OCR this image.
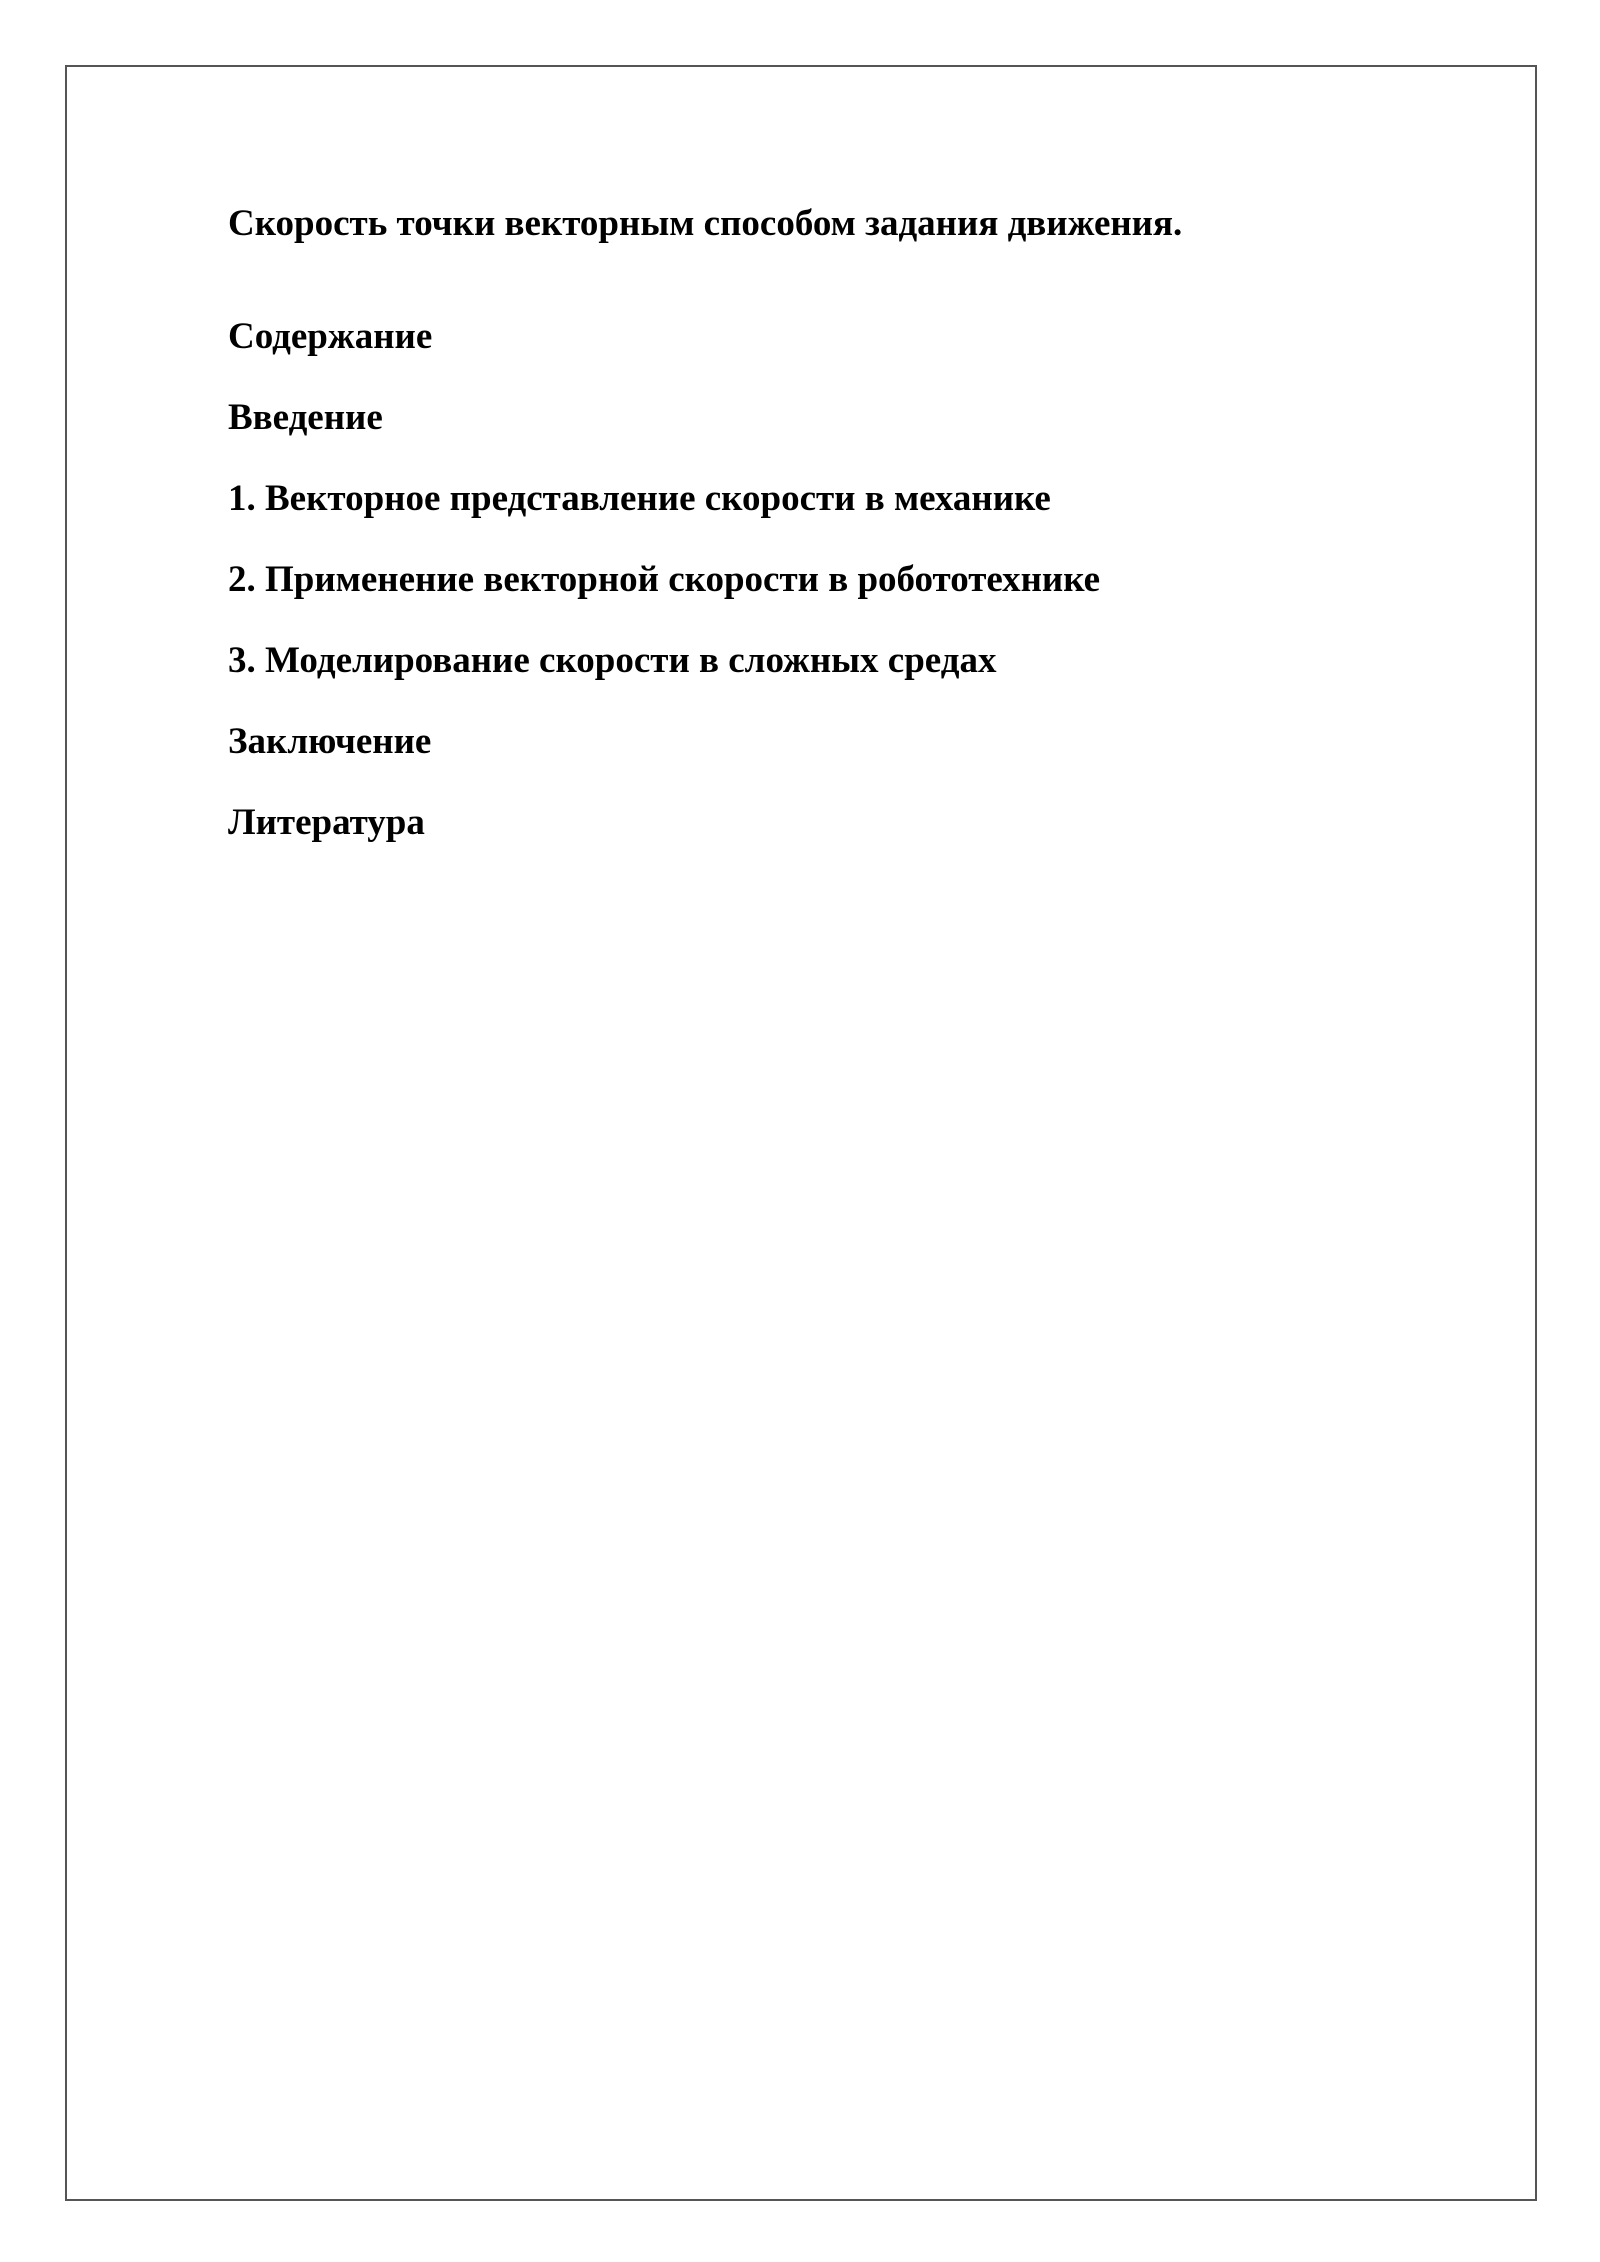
Скорость точки векторным способом задания движения.
Содержание
Введение
1. Векторное представление скорости в механике
2. Применение векторной скорости в робототехнике
3. Моделирование скорости в сложных средах
Заключение
Литература
